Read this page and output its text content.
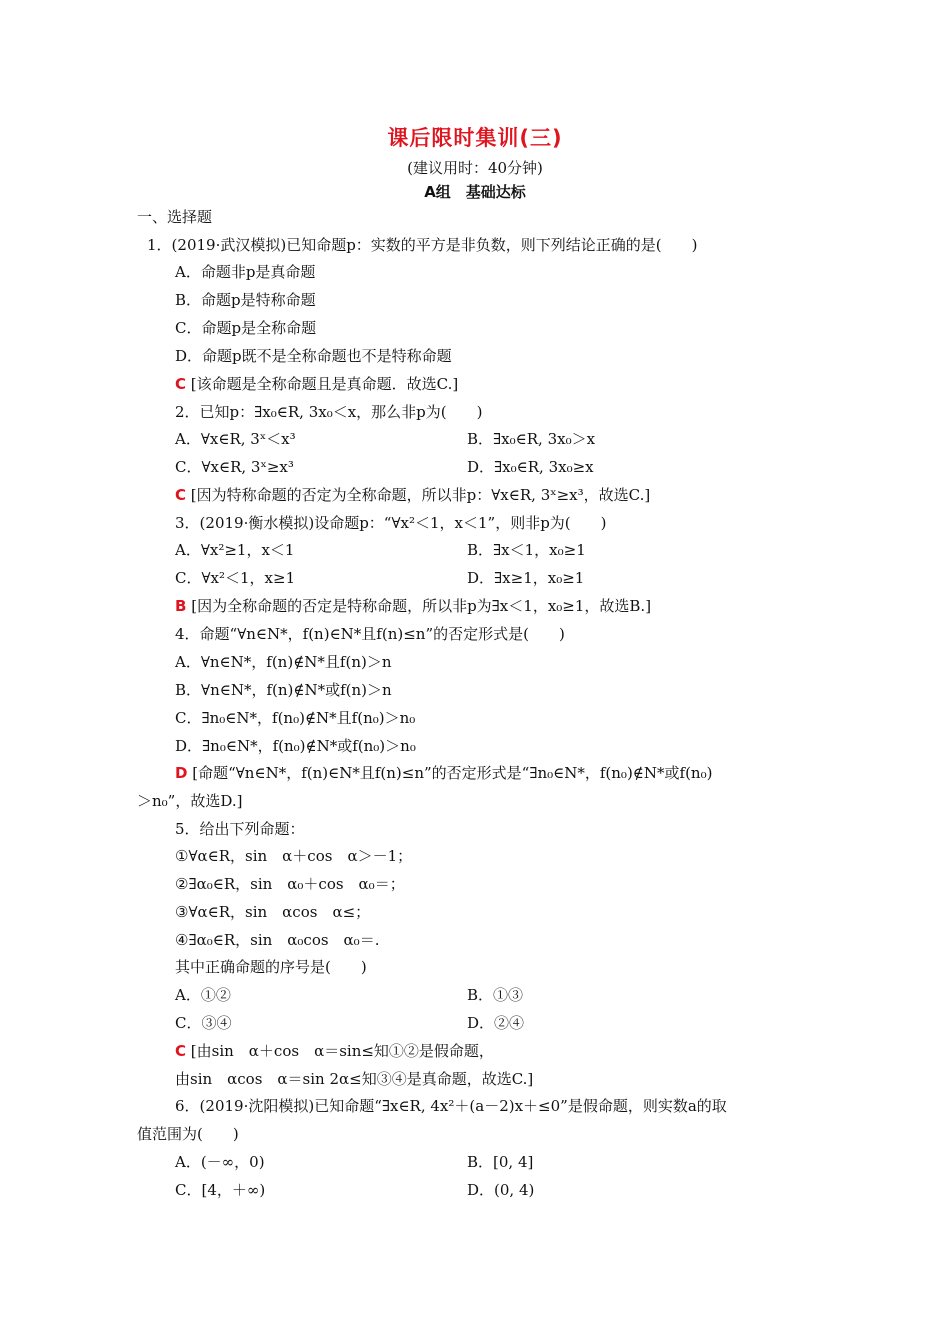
课后限时集训(三)
(建议用时：40分钟)
A组　基础达标
一、选择题
1．(2019·武汉模拟)已知命题p：实数的平方是非负数，则下列结论正确的是(　　)
A．命题非p是真命题
B．命题p是特称命题
C．命题p是全称命题
D．命题p既不是全称命题也不是特称命题
C [该命题是全称命题且是真命题．故选C.]
2．已知p：∃x₀∈R, 3x₀＜x，那么非p为(　　)
A．∀x∈R, 3ˣ＜x³	B．∃x₀∈R, 3x₀＞x
C．∀x∈R, 3ˣ≥x³	D．∃x₀∈R, 3x₀≥x
C [因为特称命题的否定为全称命题，所以非p：∀x∈R, 3ˣ≥x³，故选C.]
3．(2019·衡水模拟)设命题p：“∀x²＜1，x＜1”，则非p为(　　)
A．∀x²≥1，x＜1	B．∃x＜1，x₀≥1
C．∀x²＜1，x≥1	D．∃x≥1，x₀≥1
B [因为全称命题的否定是特称命题，所以非p为∃x＜1，x₀≥1，故选B.]
4．命题“∀n∈N*，f(n)∈N*且f(n)≤n”的否定形式是(　　)
A．∀n∈N*，f(n)∉N*且f(n)＞n
B．∀n∈N*，f(n)∉N*或f(n)＞n
C．∃n₀∈N*，f(n₀)∉N*且f(n₀)＞n₀
D．∃n₀∈N*，f(n₀)∉N*或f(n₀)＞n₀
D [命题“∀n∈N*，f(n)∈N*且f(n)≤n”的否定形式是“∃n₀∈N*，f(n₀)∉N*或f(n₀)
＞n₀”，故选D.]
5．给出下列命题：
①∀α∈R，sin　α＋cos　α＞－1；
②∃α₀∈R，sin　α₀＋cos　α₀＝；
③∀α∈R，sin　αcos　α≤；
④∃α₀∈R，sin　α₀cos　α₀＝.
其中正确命题的序号是(　　)
A．①②	B．①③
C．③④	D．②④
C [由sin　α＋cos　α＝sin≤知①②是假命题，
由sin　αcos　α＝sin 2α≤知③④是真命题，故选C.]
6．(2019·沈阳模拟)已知命题“∃x∈R, 4x²＋(a－2)x＋≤0”是假命题，则实数a的取
值范围为(　　)
A．(－∞，0)	B．[0, 4]
C．[4，＋∞)	D．(0, 4)
